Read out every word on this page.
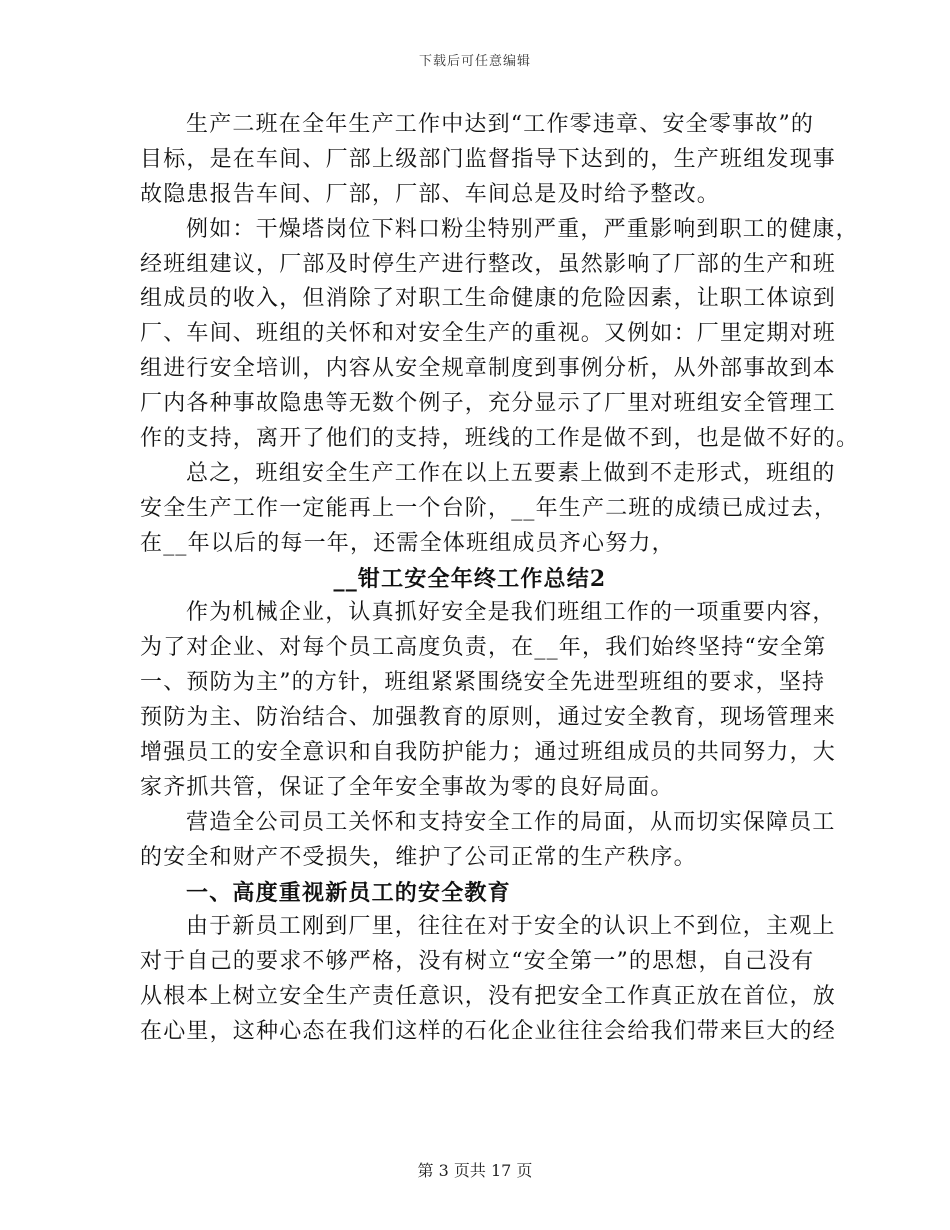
下载后可任意编辑
生产二班在全年生产工作中达到“工作零违章、安全零事故”的
目标，是在车间、厂部上级部门监督指导下达到的，生产班组发现事
故隐患报告车间、厂部，厂部、车间总是及时给予整改。
例如：干燥塔岗位下料口粉尘特别严重，严重影响到职工的健康，
经班组建议，厂部及时停生产进行整改，虽然影响了厂部的生产和班
组成员的收入，但消除了对职工生命健康的危险因素，让职工体谅到
厂、车间、班组的关怀和对安全生产的重视。又例如：厂里定期对班
组进行安全培训，内容从安全规章制度到事例分析，从外部事故到本
厂内各种事故隐患等无数个例子，充分显示了厂里对班组安全管理工
作的支持，离开了他们的支持，班线的工作是做不到，也是做不好的。
总之，班组安全生产工作在以上五要素上做到不走形式，班组的
安全生产工作一定能再上一个台阶，__年生产二班的成绩已成过去，
在__年以后的每一年，还需全体班组成员齐心努力，
__钳工安全年终工作总结2
作为机械企业，认真抓好安全是我们班组工作的一项重要内容，
为了对企业、对每个员工高度负责，在__年，我们始终坚持“安全第
一、预防为主”的方针，班组紧紧围绕安全先进型班组的要求，坚持
预防为主、防治结合、加强教育的原则，通过安全教育，现场管理来
增强员工的安全意识和自我防护能力；通过班组成员的共同努力，大
家齐抓共管，保证了全年安全事故为零的良好局面。
营造全公司员工关怀和支持安全工作的局面，从而切实保障员工
的安全和财产不受损失，维护了公司正常的生产秩序。
一、高度重视新员工的安全教育
由于新员工刚到厂里，往往在对于安全的认识上不到位，主观上
对于自己的要求不够严格，没有树立“安全第一”的思想，自己没有
从根本上树立安全生产责任意识，没有把安全工作真正放在首位，放
在心里，这种心态在我们这样的石化企业往往会给我们带来巨大的经
第 3 页共 17 页
